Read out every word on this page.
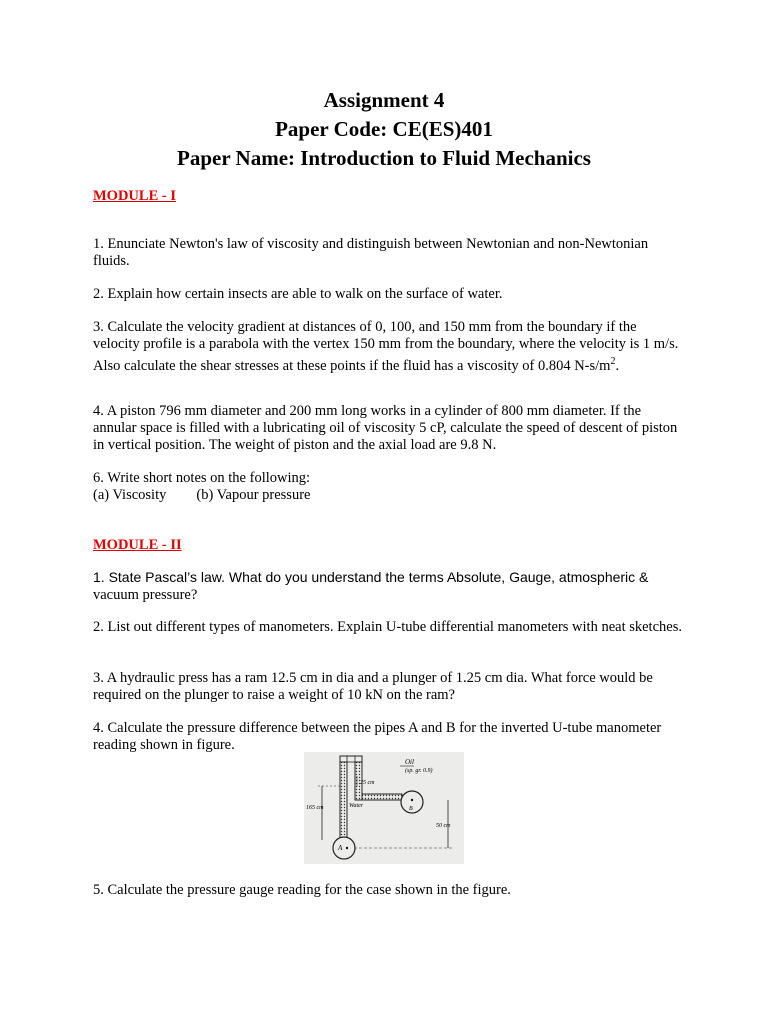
Assignment 4
Paper Code: CE(ES)401
Paper Name: Introduction to Fluid Mechanics
MODULE - I
1. Enunciate Newton's law of viscosity and distinguish between Newtonian and non-Newtonian fluids.
2. Explain how certain insects are able to walk on the surface of water.
3. Calculate the velocity gradient at distances of 0, 100, and 150 mm from the boundary if the velocity profile is a parabola with the vertex 150 mm from the boundary, where the velocity is 1 m/s. Also calculate the shear stresses at these points if the fluid has a viscosity of 0.804 $N-s/m^2$.
4. A piston 796 mm diameter and 200 mm long works in a cylinder of 800 mm diameter. If the annular space is filled with a lubricating oil of viscosity 5 cP, calculate the speed of descent of piston in vertical position. The weight of piston and the axial load are 9.8 N.
6. Write short notes on the following:
(a) Viscosity (b) Vapour pressure
MODULE - II
1. State Pascal’s law. What do you understand the terms Absolute, Gauge, atmospheric &
vacuum pressure?
2. List out different types of manometers. Explain U-tube differential manometers with neat sketches.
3. A hydraulic press has a ram 12.5 cm in dia and a plunger of 1.25 cm dia. What force would be required on the plunger to raise a weight of 10 kN on the ram?
4. Calculate the pressure difference between the pipes A and B for the inverted U-tube manometer reading shown in figure.
Oil
(sp. gr. 0.9)
25 cm
Water
165 cm	B
50 cm
A
5. Calculate the pressure gauge reading for the case shown in the figure.
